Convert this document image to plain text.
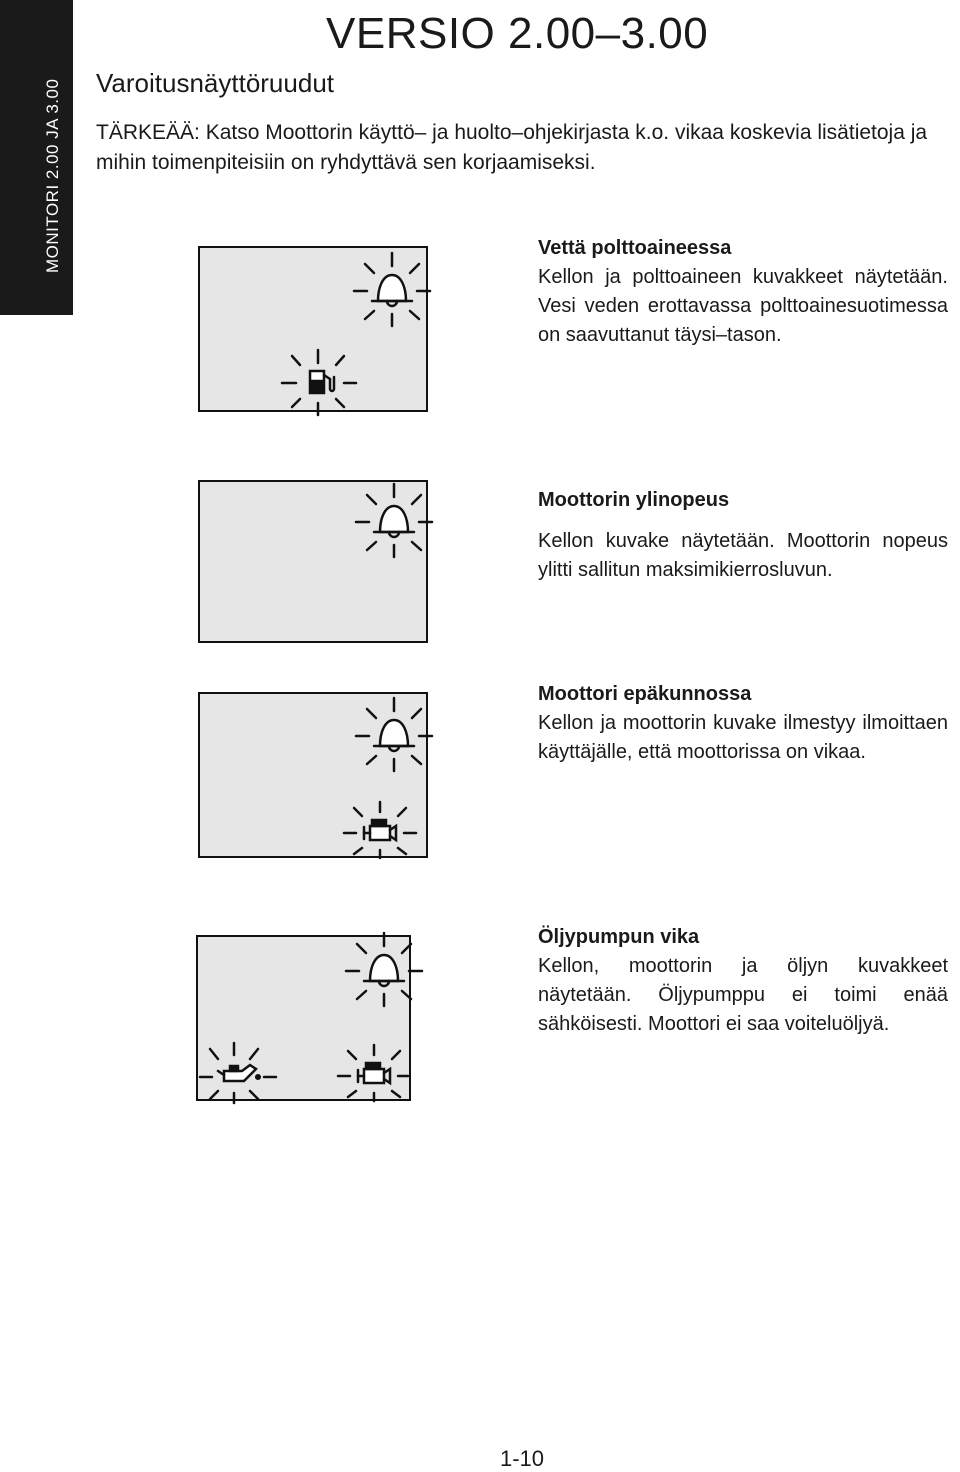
MONITORI 2.00 JA 3.00
VERSIO 2.00–3.00
Varoitusnäyttöruudut

TÄRKEÄÄ: Katso Moottorin käyttö– ja huolto–ohjekirjasta k.o. vikaa koskevia lisätietoja ja mihin toimenpiteisiin on ryhdyttävä sen korjaamiseksi.

Vettä polttoaineessa
Kellon ja polttoaineen kuvakkeet näytetään. Vesi veden erottavassa polttoainesuotimessa on saavuttanut täysi–tason.
Moottorin ylinopeus
Kellon kuvake näytetään. Moottorin nopeus ylitti sallitun maksimikierrosluvun.
Moottori epäkunnossa
Kellon ja moottorin kuvake ilmestyy ilmoittaen käyttäjälle, että moottorissa on vikaa.
Öljypumpun vika
Kellon, moottorin ja öljyn kuvakkeet näytetään. Öljypumppu ei toimi enää sähköisesti. Moottori ei saa voiteluöljyä.
1-10
